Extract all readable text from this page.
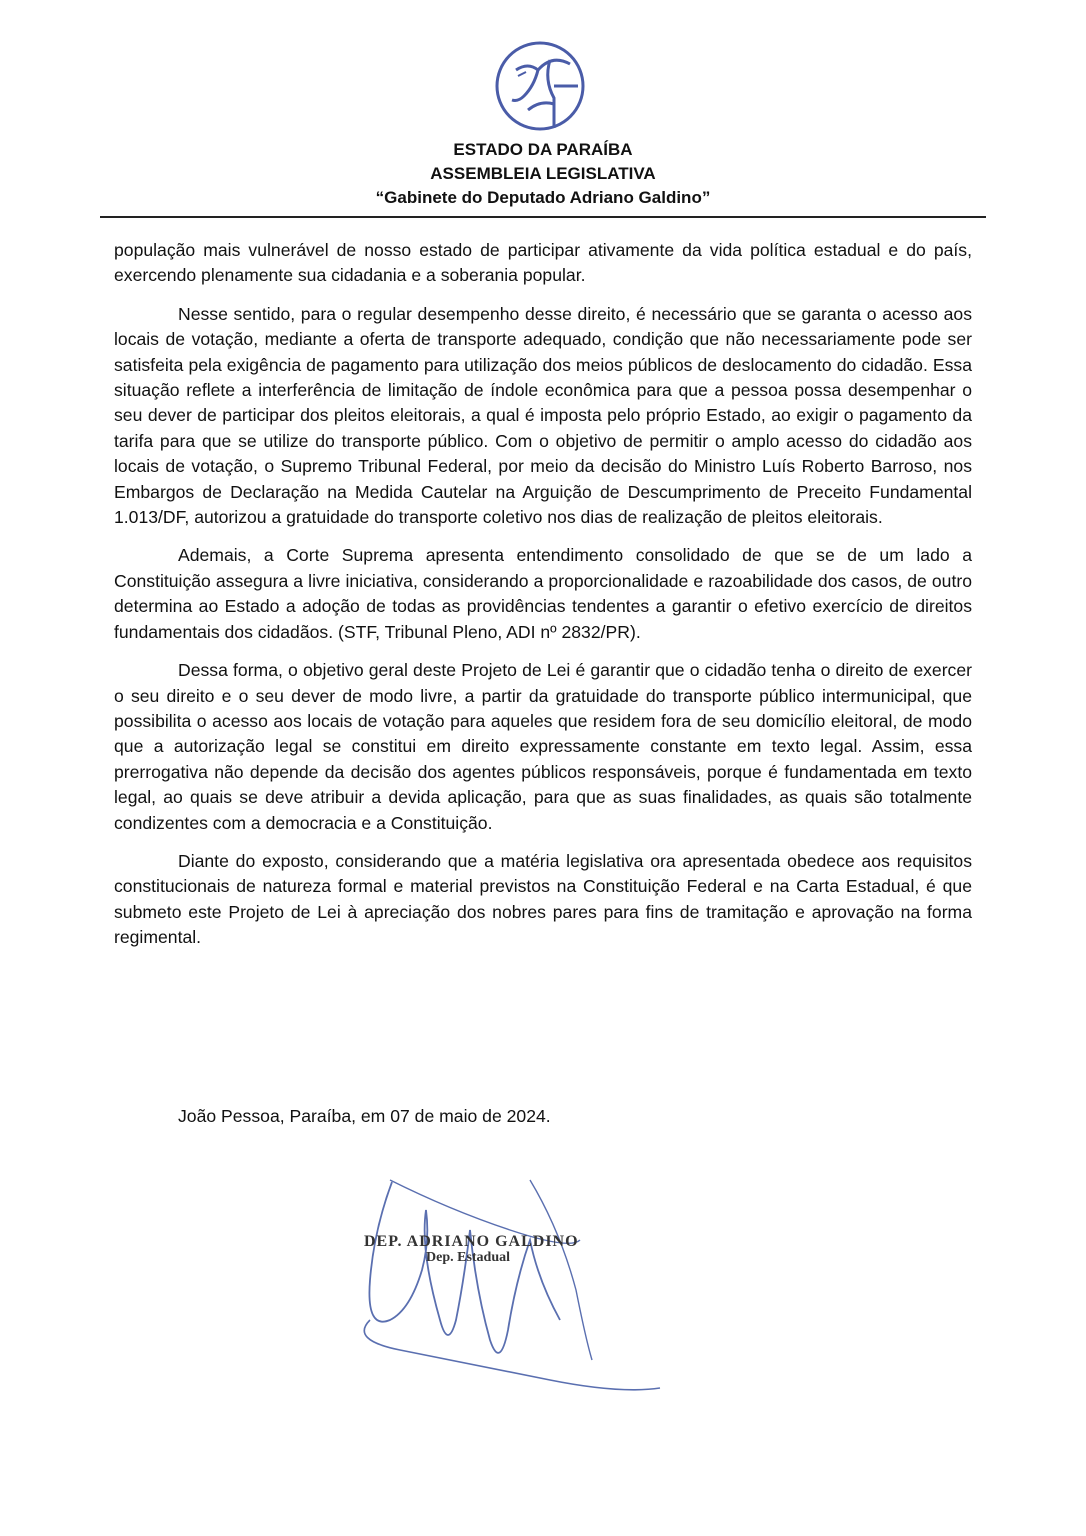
ESTADO DA PARAÍBA
ASSEMBLEIA LEGISLATIVA
“Gabinete do Deputado Adriano Galdino”

população mais vulnerável de nosso estado de participar ativamente da vida política estadual e do país, exercendo plenamente sua cidadania e a soberania popular.

Nesse sentido, para o regular desempenho desse direito, é necessário que se garanta o acesso aos locais de votação, mediante a oferta de transporte adequado, condição que não necessariamente pode ser satisfeita pela exigência de pagamento para utilização dos meios públicos de deslocamento do cidadão. Essa situação reflete a interferência de limitação de índole econômica para que a pessoa possa desempenhar o seu dever de participar dos pleitos eleitorais, a qual é imposta pelo próprio Estado, ao exigir o pagamento da tarifa para que se utilize do transporte público. Com o objetivo de permitir o amplo acesso do cidadão aos locais de votação, o Supremo Tribunal Federal, por meio da decisão do Ministro Luís Roberto Barroso, nos Embargos de Declaração na Medida Cautelar na Arguição de Descumprimento de Preceito Fundamental 1.013/DF, autorizou a gratuidade do transporte coletivo nos dias de realização de pleitos eleitorais.

Ademais, a Corte Suprema apresenta entendimento consolidado de que se de um lado a Constituição assegura a livre iniciativa, considerando a proporcionalidade e razoabilidade dos casos, de outro determina ao Estado a adoção de todas as providências tendentes a garantir o efetivo exercício de direitos fundamentais dos cidadãos. (STF, Tribunal Pleno, ADI nº 2832/PR).

Dessa forma, o objetivo geral deste Projeto de Lei é garantir que o cidadão tenha o direito de exercer o seu direito e o seu dever de modo livre, a partir da gratuidade do transporte público intermunicipal, que possibilita o acesso aos locais de votação para aqueles que residem fora de seu domicílio eleitoral, de modo que a autorização legal se constitui em direito expressamente constante em texto legal. Assim, essa prerrogativa não depende da decisão dos agentes públicos responsáveis, porque é fundamentada em texto legal, ao quais se deve atribuir a devida aplicação, para que as suas finalidades, as quais são totalmente condizentes com a democracia e a Constituição.

Diante do exposto, considerando que a matéria legislativa ora apresentada obedece aos requisitos constitucionais de natureza formal e material previstos na Constituição Federal e na Carta Estadual, é que submeto este Projeto de Lei à apreciação dos nobres pares para fins de tramitação e aprovação na forma regimental.

João Pessoa, Paraíba, em 07 de maio de 2024.
DEP. ADRIANO GALDINO
Dep. Estadual
